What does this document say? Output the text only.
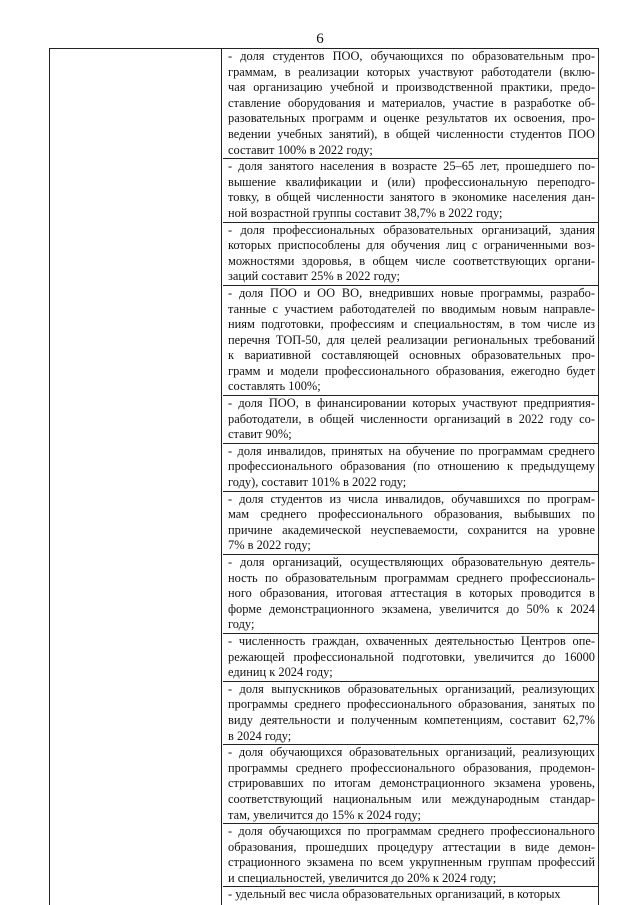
6
- доля студентов ПОО, обучающихся по образовательным про-
граммам, в реализации которых участвуют работодатели (вклю-
чая организацию учебной и производственной практики, предо-
ставление оборудования и материалов, участие в разработке об-
разовательных программ и оценке результатов их освоения, про-
ведении учебных занятий), в общей численности студентов ПОО
составит 100% в 2022 году;
- доля занятого населения в возрасте 25–65 лет, прошедшего по-
вышение квалификации и (или) профессиональную переподго-
товку, в общей численности занятого в экономике населения дан-
ной возрастной группы составит 38,7% в 2022 году;
- доля профессиональных образовательных организаций, здания
которых приспособлены для обучения лиц с ограниченными воз-
можностями здоровья, в общем числе соответствующих органи-
заций составит 25% в 2022 году;
- доля ПОО и ОО ВО, внедривших новые программы, разрабо-
танные с участием работодателей по вводимым новым направле-
ниям подготовки, профессиям и специальностям, в том числе из
перечня ТОП-50, для целей реализации региональных требований
к вариативной составляющей основных образовательных про-
грамм и модели профессионального образования, ежегодно будет
составлять 100%;
- доля ПОО, в финансировании которых участвуют предприятия-
работодатели, в общей численности организаций в 2022 году со-
ставит 90%;
- доля инвалидов, принятых на обучение по программам среднего
профессионального образования (по отношению к предыдущему
году), составит 101% в 2022 году;
- доля студентов из числа инвалидов, обучавшихся по програм-
мам среднего профессионального образования, выбывших по
причине академической неуспеваемости, сохранится на уровне
7% в 2022 году;
- доля организаций, осуществляющих образовательную деятель-
ность по образовательным программам среднего профессиональ-
ного образования, итоговая аттестация в которых проводится в
форме демонстрационного экзамена, увеличится до 50% к 2024
году;
- численность граждан, охваченных деятельностью Центров опе-
режающей профессиональной подготовки, увеличится до 16000
единиц к 2024 году;
- доля выпускников образовательных организаций, реализующих
программы среднего профессионального образования, занятых по
виду деятельности и полученным компетенциям, составит 62,7%
в 2024 году;
- доля обучающихся образовательных организаций, реализующих
программы среднего профессионального образования, продемон-
стрировавших по итогам демонстрационного экзамена уровень,
соответствующий национальным или международным стандар-
там, увеличится до 15% к 2024 году;
- доля обучающихся по программам среднего профессионального
образования, прошедших процедуру аттестации в виде демон-
страционного экзамена по всем укрупненным группам профессий
и специальностей, увеличится до 20% к 2024 году;
- удельный вес числа образовательных организаций, в которых
